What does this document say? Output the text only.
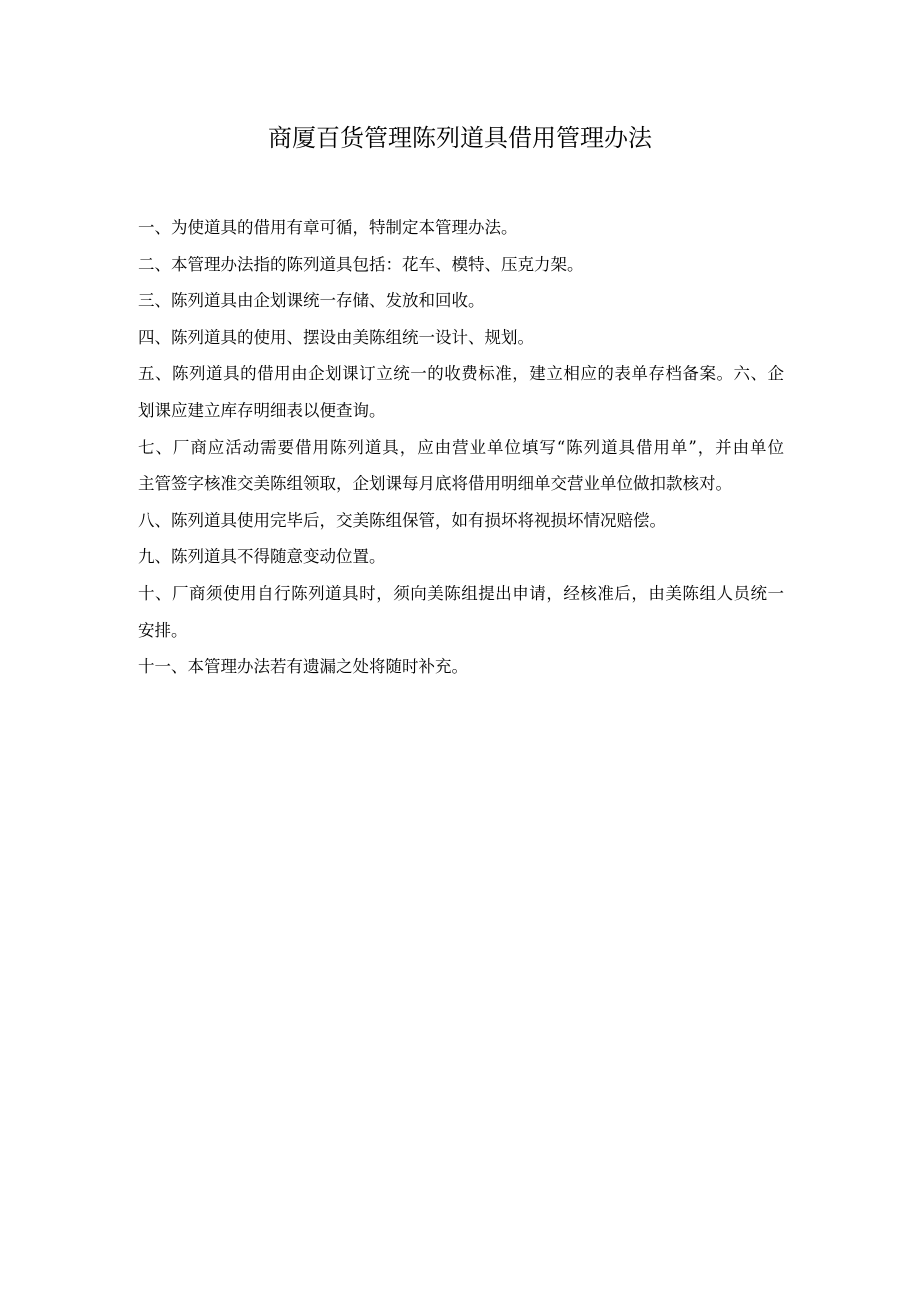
商厦百货管理陈列道具借用管理办法

一、为使道具的借用有章可循，特制定本管理办法。

二、本管理办法指的陈列道具包括：花车、模特、压克力架。

三、陈列道具由企划课统一存储、发放和回收。

四、陈列道具的使用、摆设由美陈组统一设计、规划。

五、陈列道具的借用由企划课订立统一的收费标准，建立相应的表单存档备案。六、企
划课应建立库存明细表以便查询。

七、厂商应活动需要借用陈列道具，应由营业单位填写“陈列道具借用单”，并由单位
主管签字核准交美陈组领取，企划课每月底将借用明细单交营业单位做扣款核对。

八、陈列道具使用完毕后，交美陈组保管，如有损坏将视损坏情况赔偿。

九、陈列道具不得随意变动位置。

十、厂商须使用自行陈列道具时，须向美陈组提出申请，经核准后，由美陈组人员统一
安排。

十一、本管理办法若有遗漏之处将随时补充。
